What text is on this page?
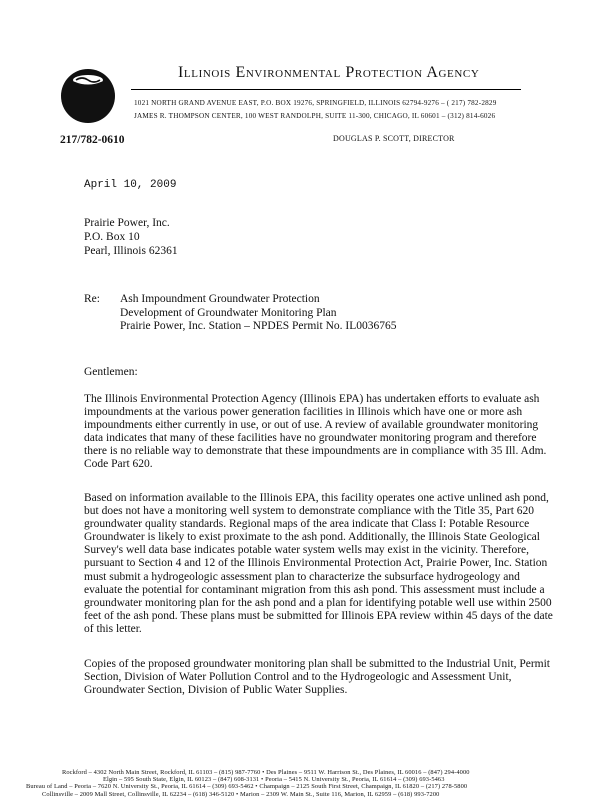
Illinois Environmental Protection Agency
1021 NORTH GRAND AVENUE EAST, P.O. BOX 19276, SPRINGFIELD, ILLINOIS 62794-9276 – ( 217) 782-2829
JAMES R. THOMPSON CENTER, 100 WEST RANDOLPH, SUITE 11-300, CHICAGO, IL 60601 – (312) 814-6026
217/782-0610	DOUGLAS P. SCOTT, DIRECTOR
April 10, 2009
Prairie Power, Inc.
P.O. Box 10
Pearl, Illinois 62361
Re: Ash Impoundment Groundwater Protection
Development of Groundwater Monitoring Plan
Prairie Power, Inc. Station – NPDES Permit No. IL0036765
Gentlemen:

The Illinois Environmental Protection Agency (Illinois EPA) has undertaken efforts to evaluate ash impoundments at the various power generation facilities in Illinois which have one or more ash impoundments either currently in use, or out of use. A review of available groundwater monitoring data indicates that many of these facilities have no groundwater monitoring program and therefore there is no reliable way to demonstrate that these impoundments are in compliance with 35 Ill. Adm. Code Part 620.

Based on information available to the Illinois EPA, this facility operates one active unlined ash pond, but does not have a monitoring well system to demonstrate compliance with the Title 35, Part 620 groundwater quality standards. Regional maps of the area indicate that Class I: Potable Resource Groundwater is likely to exist proximate to the ash pond. Additionally, the Illinois State Geological Survey's well data base indicates potable water system wells may exist in the vicinity. Therefore, pursuant to Section 4 and 12 of the Illinois Environmental Protection Act, Prairie Power, Inc. Station must submit a hydrogeologic assessment plan to characterize the subsurface hydrogeology and evaluate the potential for contaminant migration from this ash pond. This assessment must include a groundwater monitoring plan for the ash pond and a plan for identifying potable well use within 2500 feet of the ash pond. These plans must be submitted for Illinois EPA review within 45 days of the date of this letter.

Copies of the proposed groundwater monitoring plan shall be submitted to the Industrial Unit, Permit Section, Division of Water Pollution Control and to the Hydrogeologic and Assessment Unit, Groundwater Section, Division of Public Water Supplies.

Rockford – 4302 North Main Street, Rockford, IL 61103 – (815) 987-7760 • Des Plaines – 9511 W. Harrison St., Des Plaines, IL 60016 – (847) 294-4000
Elgin – 595 South State, Elgin, IL 60123 – (847) 608-3131 • Peoria – 5415 N. University St., Peoria, IL 61614 – (309) 693-5463
Bureau of Land – Peoria – 7620 N. University St., Peoria, IL 61614 – (309) 693-5462 • Champaign – 2125 South First Street, Champaign, IL 61820 – (217) 278-5800
Collinsville – 2009 Mall Street, Collinsville, IL 62234 – (618) 346-5120 • Marion – 2309 W. Main St., Suite 116, Marion, IL 62959 – (618) 993-7200
